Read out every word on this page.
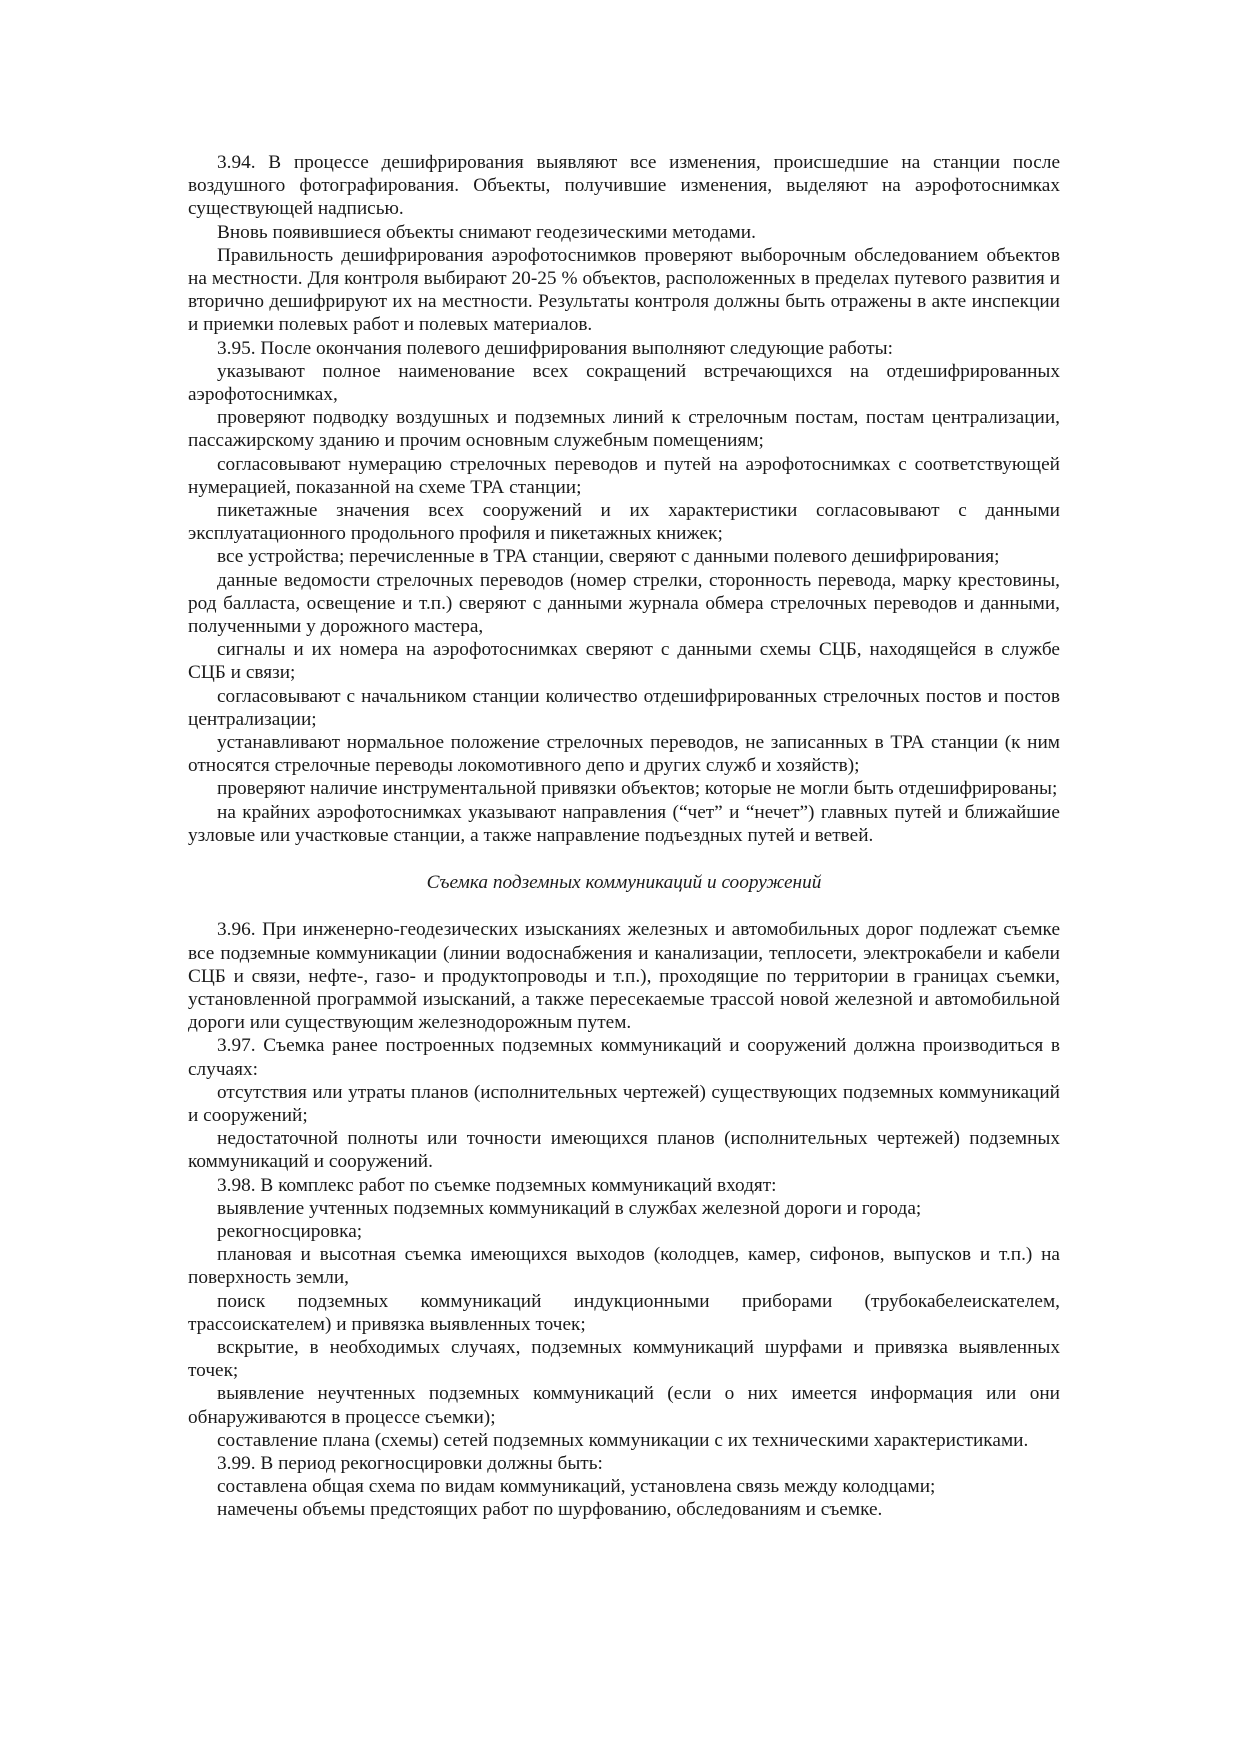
3.94. В процессе дешифрирования выявляют все изменения, происшедшие на станции после воздушного фотографирования. Объекты, получившие изменения, выделяют на аэрофотоснимках существующей надписью.

Вновь появившиеся объекты снимают геодезическими методами.

Правильность дешифрирования аэрофотоснимков проверяют выборочным обследованием объектов на местности. Для контроля выбирают 20-25 % объектов, расположенных в пределах путевого развития и вторично дешифрируют их на местности. Результаты контроля должны быть отражены в акте инспекции и приемки полевых работ и полевых материалов.

3.95. После окончания полевого дешифрирования выполняют следующие работы:

указывают полное наименование всех сокращений встречающихся на отдешифрированных аэрофотоснимках,

проверяют подводку воздушных и подземных линий к стрелочным постам, постам централизации, пассажирскому зданию и прочим основным служебным помещениям;

согласовывают нумерацию стрелочных переводов и путей на аэрофотоснимках с соответствующей нумерацией, показанной на схеме ТРА станции;

пикетажные значения всех сооружений и их характеристики согласовывают с данными эксплуатационного продольного профиля и пикетажных книжек;

все устройства; перечисленные в ТРА станции, сверяют с данными полевого дешифрирования;

данные ведомости стрелочных переводов (номер стрелки, сторонность перевода, марку крестовины, род балласта, освещение и т.п.) сверяют с данными журнала обмера стрелочных переводов и данными, полученными у дорожного мастера,

сигналы и их номера на аэрофотоснимках сверяют с данными схемы СЦБ, находящейся в службе СЦБ и связи;

согласовывают с начальником станции количество отдешифрированных стрелочных постов и постов централизации;

устанавливают нормальное положение стрелочных переводов, не записанных в ТРА станции (к ним относятся стрелочные переводы локомотивного депо и других служб и хозяйств);

проверяют наличие инструментальной привязки объектов; которые не могли быть отдешифрированы;

на крайних аэрофотоснимках указывают направления (“чет” и “нечет”) главных путей и ближайшие узловые или участковые станции, а также направление подъездных путей и ветвей.

Съемка подземных коммуникаций и сооружений

3.96. При инженерно-геодезических изысканиях железных и автомобильных дорог подлежат съемке все подземные коммуникации (линии водоснабжения и канализации, теплосети, электрокабели и кабели СЦБ и связи, нефте-, газо- и продуктопроводы и т.п.), проходящие по территории в границах съемки, установленной программой изысканий, а также пересекаемые трассой новой железной и автомобильной дороги или существующим железнодорожным путем.

3.97. Съемка ранее построенных подземных коммуникаций и сооружений должна производиться в случаях:

отсутствия или утраты планов (исполнительных чертежей) существующих подземных коммуникаций и сооружений;

недостаточной полноты или точности имеющихся планов (исполнительных чертежей) подземных коммуникаций и сооружений.

3.98. В комплекс работ по съемке подземных коммуникаций входят:

выявление учтенных подземных коммуникаций в службах железной дороги и города;

рекогносцировка;

плановая и высотная съемка имеющихся выходов (колодцев, камер, сифонов, выпусков и т.п.) на поверхность земли,

поиск подземных коммуникаций индукционными приборами (трубокабелеискателем, трассоискателем) и привязка выявленных точек;

вскрытие, в необходимых случаях, подземных коммуникаций шурфами и привязка выявленных точек;

выявление неучтенных подземных коммуникаций (если о них имеется информация или они обнаруживаются в процессе съемки);

составление плана (схемы) сетей подземных коммуникации с их техническими характеристиками.

3.99. В период рекогносцировки должны быть:

составлена общая схема по видам коммуникаций, установлена связь между колодцами;

намечены объемы предстоящих работ по шурфованию, обследованиям и съемке.
